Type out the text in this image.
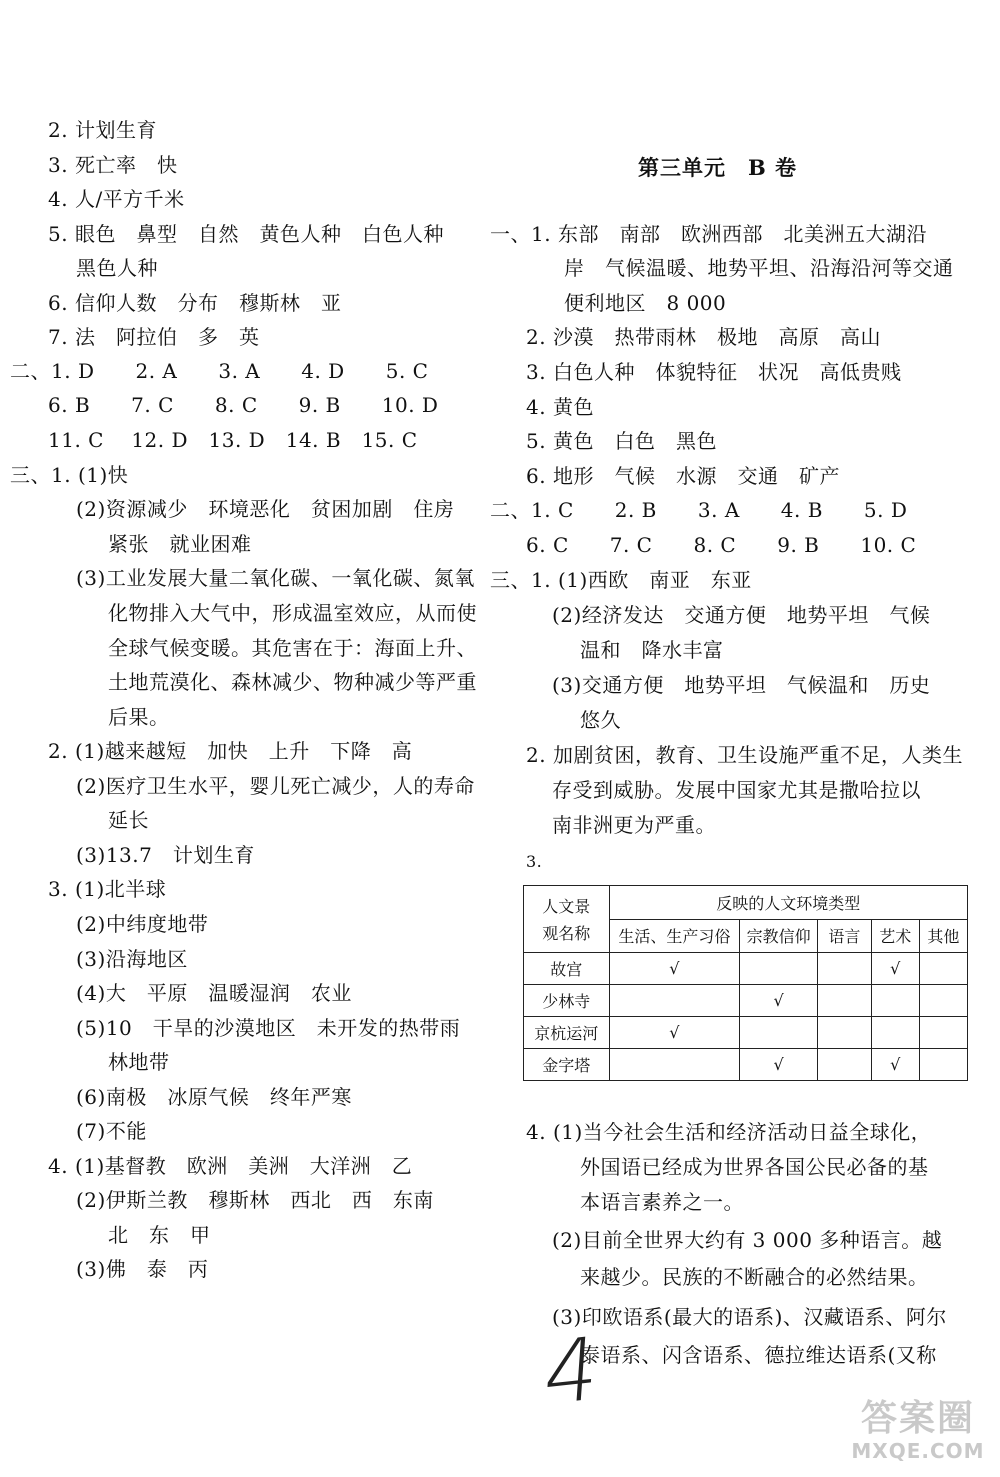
2. 计划生育
3. 死亡率　快
4. 人/平方千米
5. 眼色　鼻型　自然　黄色人种　白色人种
黑色人种
6. 信仰人数　分布　穆斯林　亚
7. 法　阿拉伯　多　英
二、1. D　　2. A　　3. A　　4. D　　5. C
6. B　　7. C　　8. C　　9. B　　10. D
11. C　 12. D　13. D　14. B　15. C
三、1. (1)快
(2)资源减少　环境恶化　贫困加剧　住房
紧张　就业困难
(3)工业发展大量二氧化碳、一氧化碳、氮氧
化物排入大气中，形成温室效应，从而使
全球气候变暖。其危害在于：海面上升、
土地荒漠化、森林减少、物种减少等严重
后果。
2. (1)越来越短　加快　上升　下降　高
(2)医疗卫生水平，婴儿死亡减少，人的寿命
延长
(3)13.7　计划生育
3. (1)北半球
(2)中纬度地带
(3)沿海地区
(4)大　平原　温暖湿润　农业
(5)10　干旱的沙漠地区　未开发的热带雨
林地带
(6)南极　冰原气候　终年严寒
(7)不能
4. (1)基督教　欧洲　美洲　大洋洲　乙
(2)伊斯兰教　穆斯林　西北　西　东南
北　东　甲
(3)佛　泰　丙
第三单元　B 卷
一、1. 东部　南部　欧洲西部　北美洲五大湖沿
岸　气候温暖、地势平坦、沿海沿河等交通
便利地区　8 000
2. 沙漠　热带雨林　极地　高原　高山
3. 白色人种　体貌特征　状况　高低贵贱
4. 黄色
5. 黄色　白色　黑色
6. 地形　气候　水源　交通　矿产
二、1. C　　2. B　　3. A　　4. B　　5. D
6. C　　7. C　　8. C　　9. B　　10. C
三、1. (1)西欧　南亚　东亚
(2)经济发达　交通方便　地势平坦　气候
温和　降水丰富
(3)交通方便　地势平坦　气候温和　历史
悠久
2. 加剧贫困，教育、卫生设施严重不足，人类生
存受到威胁。发展中国家尤其是撒哈拉以
南非洲更为严重。
3.
人文景	反映的人文环境类型				
观名称	生活、生产习俗	宗教信仰	语言	艺术	其他
故宫	√			√	
少林寺		√			
京杭运河	√				
金字塔		√		√	
4. (1)当今社会生活和经济活动日益全球化，
外国语已经成为世界各国公民必备的基
本语言素养之一。
(2)目前全世界大约有 3 000 多种语言。越
来越少。民族的不断融合的必然结果。
(3)印欧语系(最大的语系)、汉藏语系、阿尔
泰语系、闪含语系、德拉维达语系(又称
4	答案圈
MXQE.COM
